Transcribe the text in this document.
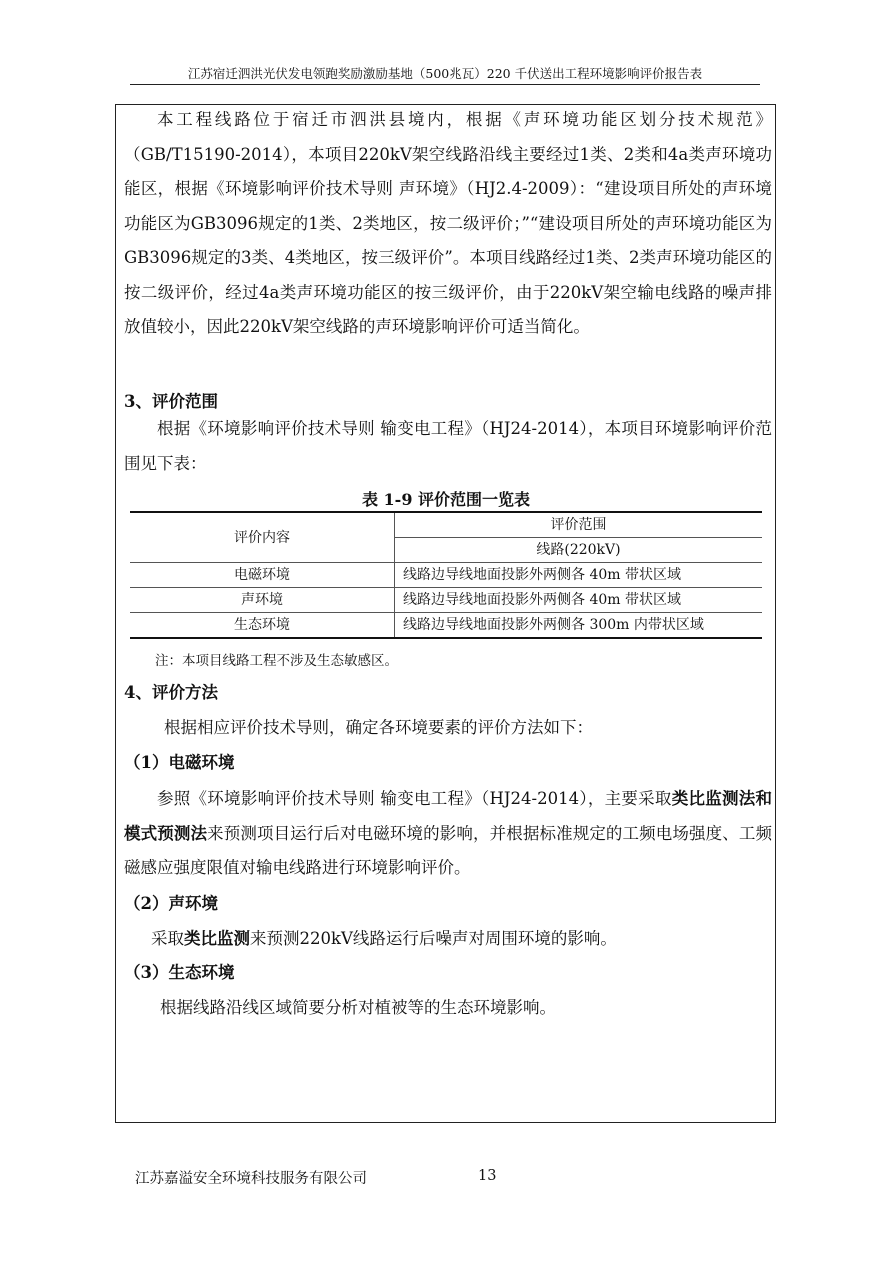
江苏宿迁泗洪光伏发电领跑奖励激励基地（500兆瓦）220 千伏送出工程环境影响评价报告表

本工程线路位于宿迁市泗洪县境内，根据《声环境功能区划分技术规范》（GB/T15190-2014），本项目220kV架空线路沿线主要经过1类、2类和4a类声环境功能区，根据《环境影响评价技术导则 声环境》（HJ2.4-2009）：“建设项目所处的声环境功能区为GB3096规定的1类、2类地区，按二级评价；”“建设项目所处的声环境功能区为GB3096规定的3类、4类地区，按三级评价”。本项目线路经过1类、2类声环境功能区的按二级评价，经过4a类声环境功能区的按三级评价，由于220kV架空输电线路的噪声排放值较小，因此220kV架空线路的声环境影响评价可适当简化。

3、评价范围

根据《环境影响评价技术导则 输变电工程》（HJ24-2014），本项目环境影响评价范围见下表：

表 1-9 评价范围一览表
评价内容	评价范围
	线路(220kV)
电磁环境	线路边导线地面投影外两侧各 40m 带状区域
声环境	线路边导线地面投影外两侧各 40m 带状区域
生态环境	线路边导线地面投影外两侧各 300m 内带状区域
注：本项目线路工程不涉及生态敏感区。
4、评价方法
根据相应评价技术导则，确定各环境要素的评价方法如下：
（1）电磁环境

参照《环境影响评价技术导则 输变电工程》（HJ24-2014），主要采取类比监测法和模式预测法来预测项目运行后对电磁环境的影响，并根据标准规定的工频电场强度、工频磁感应强度限值对输电线路进行环境影响评价。

（2）声环境
采取类比监测来预测220kV线路运行后噪声对周围环境的影响。
（3）生态环境
根据线路沿线区域简要分析对植被等的生态环境影响。
江苏嘉溢安全环境科技服务有限公司	13
